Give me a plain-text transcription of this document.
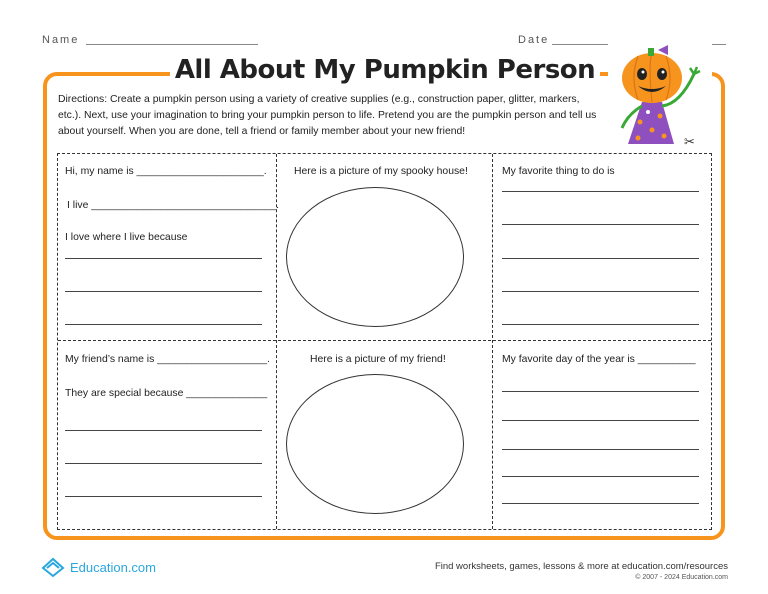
Name	Date
All About My Pumpkin Person
Directions: Create a pumpkin person using a variety of creative supplies (e.g., construction paper, glitter, markers, etc.). Next, use your imagination to bring your pumpkin person to life. Pretend you are the pumpkin person and tell us about yourself. When you are done, tell a friend or family member about your new friend!
✂
Hi, my name is ______________________.
I live ________________________________.
I love where I live because
Here is a picture of my spooky house!	My favorite thing to do is
My friend’s name is ___________________.
They are special because ______________
Here is a picture of my friend!	My favorite day of the year is __________
Education.com	Find worksheets, games, lessons & more at education.com/resources
© 2007 - 2024 Education.com
